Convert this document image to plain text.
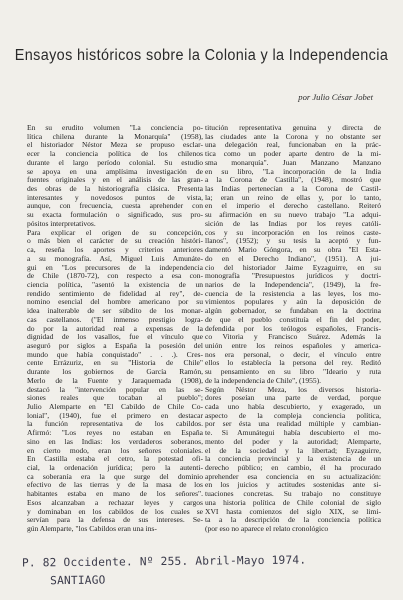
Ensayos históricos sobre la Colonia y la Independencia
por Julio César Jobet
En su erudito volumen "La conciencia po-
lítica chilena durante la Monarquía" (1958),
el historiador Néstor Meza se propuso esclar-
ecer la conciencia política de los chilenos
durante el largo período colonial. Su estudio
se apoya en una amplísima investigación de
fuentes originales y en el análisis de las gran-
des obras de la historiografía clásica. Presenta
interesantes y novedosos puntos de vista,
aunque, con frecuencia, cuesta aprehender con
su exacta formulación o significado, sus pro-
pósitos interpretativos.
Para explicar el origen de su concepción,
o más bien el carácter de su creación históri-
ca, reseña los aportes y criterios anteriores
a su monografía. Así, Miguel Luis Amunáte-
gui en "Los precursores de la independencia
de Chile (1870-72), con respecto a esa con-
ciencia política, "asentó la existencia de un
rendido sentimiento de fidelidad al rey", de-
nomino esencial del hombre americano por su
idea inalterable de ser súbdito de los monar-
cas castellanos. ("El inmenso prestigio logra-
do por la autoridad real a expensas de la
dignidad de los vasallos, fue el vínculo que
aseguró por siglos a España la posesión del
mundo que había conquistado" . . .). Cres-
cente Errázuriz, en su "Historia de Chile"
durante los gobiernos de García Ramón,
Merlo de la Fuente y Jaraquemada (1908),
destacó la "intervención popular en las se-
siones reales que tocaban al pueblo";
Julio Alemparte en "El Cabildo de Chile Co-
lonial", (1940), fue el primero en destacar
la función representativa de los cabildos.
Afirmó: "Los reyes no estaban en España
sino en las Indias: los verdaderos soberanos,
en cierto modo, eran los señores coloniales.
En Castilla estaba el cetro, la potestad ofi-
cial, la ordenación jurídica; pero la autenti-
ca soberanía era la que surge del dominio
efectivo de las tierras y de la masa de los
habitantes estaba en mano de los señores".
Esos alcanzaban a rechazar leyes y cargos
y dominaban en los cabildos de los cuales se
servían para la defensa de sus intereses. Se-
gún Alemparte, "los Cabildos eran una ins-
titución representativa genuina y directa de
las ciudades ante la Corona y no obstante ser
una delegación real, funcionaban en la prác-
tica como un poder aparte dentro de la mi-
sma monarquía". Juan Manzano Manzano
en su libro, "La incorporación de la India
a la Corona de Castilla", (1948), mostró que
las Indias pertenecían a la Corona de Castil-
la; eran un reino de ellas y, por lo tanto,
en el imperio el derecho castellano. Reiteró
su afirmación en su nuevo trabajo "La adqui-
sición de las Indias por los reyes católi-
cos y su incorporación en los reinos caste-
llanos", (1952); y su tesis la aceptó y fun-
damentó Mario Góngora, en su obra "El Esta-
do en el Derecho Indiano", (1951). A jui-
cio del historiador Jaime Eyzaguirre, en su
monografía "Presupuestos jurídicos y doctri-
narios de la Independencia", (1949), la fre-
cuencia de la resistencia a las leyes, los mo-
vimientos populares y aún la deposición de
algún gobernador, se fundaban en la doctrina
de que el pueblo constituía el fin del poder,
defendida por los teólogos españoles, Francis-
co Vitoria y Francisco Suárez. Además la
unión entre los reinos españoles y america-
nos era personal, o decir, el vínculo entre
ellos lo establecía la persona del rey. Reditó
su pensamiento en su libro "Ideario y ruta
de la independencia de Chile", (1955).
Según Néstor Meza, los diversos historia-
dores poseían una parte de verdad, porque
cada uno había descubierto, y exagerado, un
aspecto de la compleja conciencia política,
por ser ésta una realidad múltiple y cambian-
te. Si Amunátegui había descubierto el mo-
mento del poder y la autoridad; Alemparte,
el de la sociedad y la libertad; Eyzaguirre,
la conciencia provincial y la existencia de un
derecho público; en cambio, él ha procurado
aprehender esa conciencia en su actualización:
en los juicios y actitudes sostenidas ante si-
tuaciones concretas. Su trabajo no constituye
una historia política de Chile colonial de siglo
XVI hasta comienzos del siglo XIX, se limi-
ta a la descripción de la conciencia política
(por eso no aparece el relato cronológico
P. 82 Occidente. Nº 255. Abril-Mayo 1974.
SANTIAGO
